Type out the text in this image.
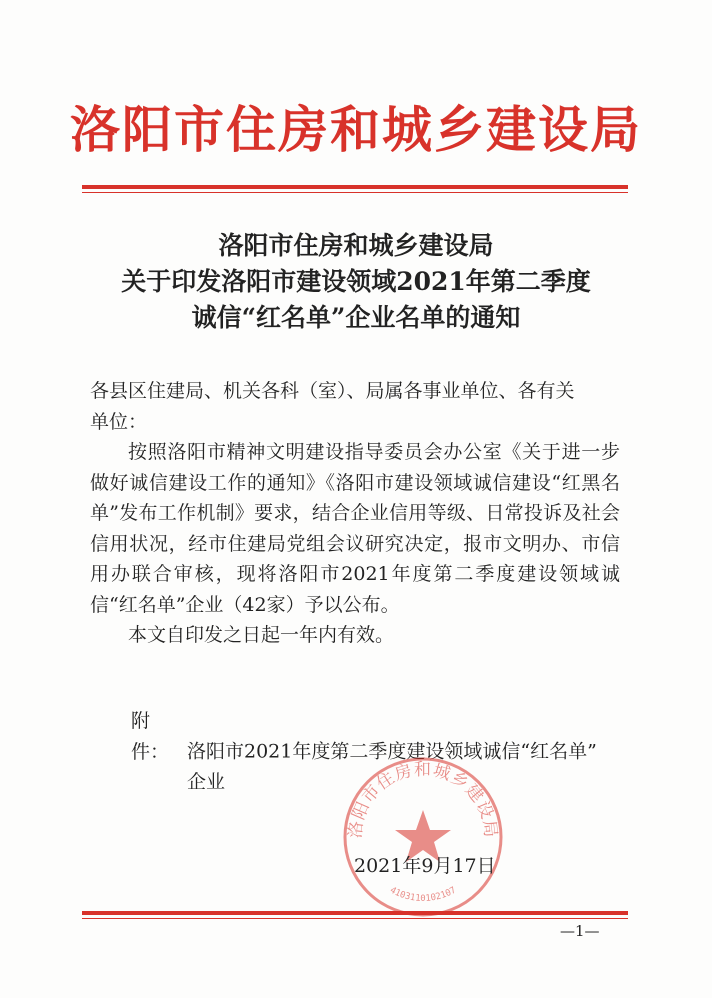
洛阳市住房和城乡建设局
洛阳市住房和城乡建设局
关于印发洛阳市建设领域2021年第二季度
诚信“红名单”企业名单的通知

各县区住建局、机关各科（室）、局属各事业单位、各有关
单位：

按照洛阳市精神文明建设指导委员会办公室《关于进一步做好诚信建设工作的通知》《洛阳市建设领域诚信建设“红黑名单”发布工作机制》要求，结合企业信用等级、日常投诉及社会信用状况，经市住建局党组会议研究决定，报市文明办、市信用办联合审核，现将洛阳市2021年度第二季度建设领域诚信“红名单”企业（42家）予以公布。

本文自印发之日起一年内有效。

附件： 洛阳市2021年度第二季度建设领域诚信“红名单”
企业
洛阳市住房和城乡建设局
4103110102107
2021年9月17日
—1—
